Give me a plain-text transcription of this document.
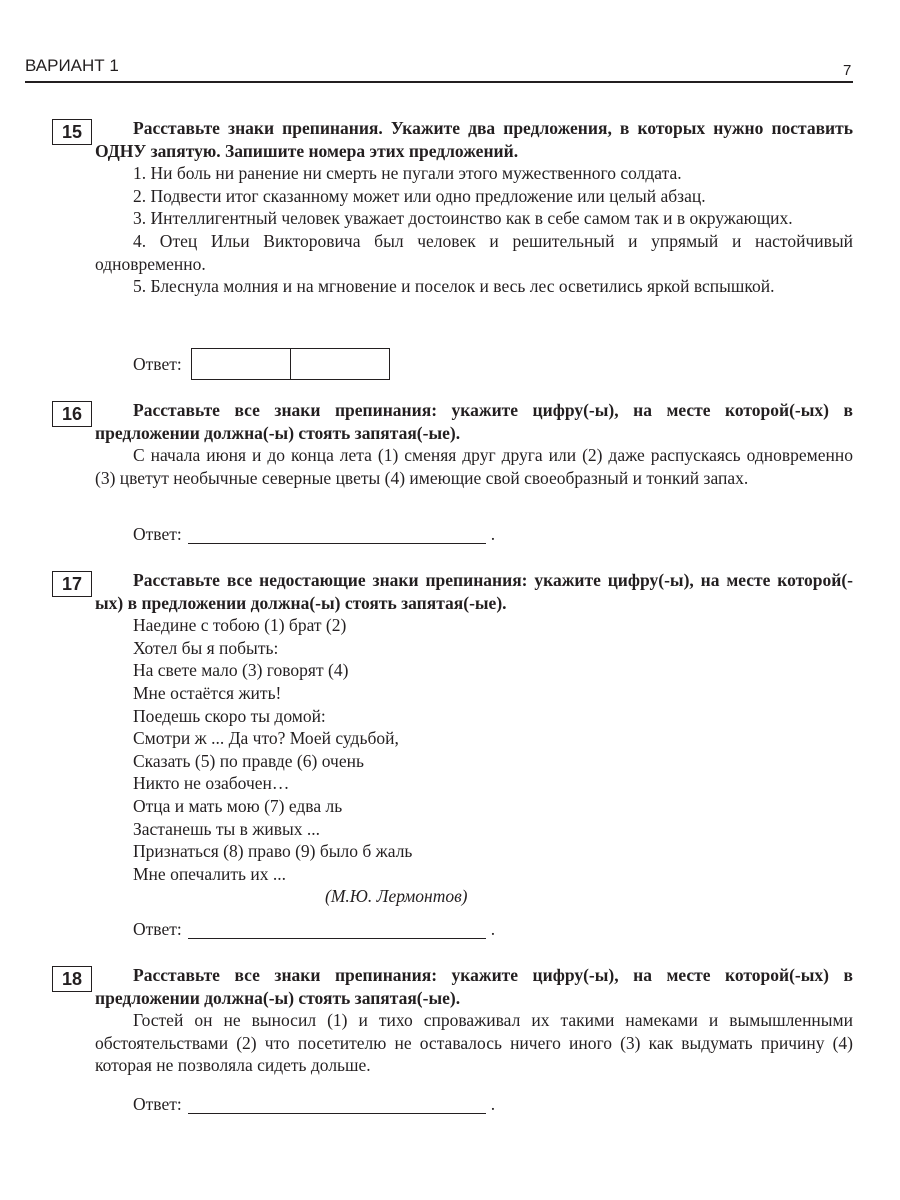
ВАРИАНТ 1	7
15	Расставьте знаки препинания. Укажите два предложения, в которых нужно поставить ОДНУ запятую. Запишите номера этих предложений.
1. Ни боль ни ранение ни смерть не пугали этого мужественного солдата.
2. Подвести итог сказанному может или одно предложение или целый абзац.
3. Интеллигентный человек уважает достоинство как в себе самом так и в окружающих.
4. Отец Ильи Викторовича был человек и решительный и упрямый и настойчивый одновременно.
5. Блеснула молния и на мгновение и поселок и весь лес осветились яркой вспышкой.
Ответ:
16	Расставьте все знаки препинания: укажите цифру(-ы), на месте которой(-ых) в предложении должна(-ы) стоять запятая(-ые).
С начала июня и до конца лета (1) сменяя друг друга или (2) даже распускаясь одновременно (3) цветут необычные северные цветы (4) имеющие свой своеобразный и тонкий запах.
Ответ:	.
17	Расставьте все недостающие знаки препинания: укажите цифру(-ы), на месте которой(-ых) в предложении должна(-ы) стоять запятая(-ые).
Наедине с тобою (1) брат (2)
Хотел бы я побыть:
На свете мало (3) говорят (4)
Мне остаётся жить!
Поедешь скоро ты домой:
Смотри ж ... Да что? Моей судьбой,
Сказать (5) по правде (6) очень
Никто не озабочен…
Отца и мать мою (7) едва ль
Застанешь ты в живых ...
Признаться (8) право (9) было б жаль
Мне опечалить их ...
(М.Ю. Лермонтов)
Ответ:	.
18	Расставьте все знаки препинания: укажите цифру(-ы), на месте которой(-ых) в предложении должна(-ы) стоять запятая(-ые).
Гостей он не выносил (1) и тихо спроваживал их такими намеками и вымышленными обстоятельствами (2) что посетителю не оставалось ничего иного (3) как выдумать причину (4) которая не позволяла сидеть дольше.
Ответ:	.
